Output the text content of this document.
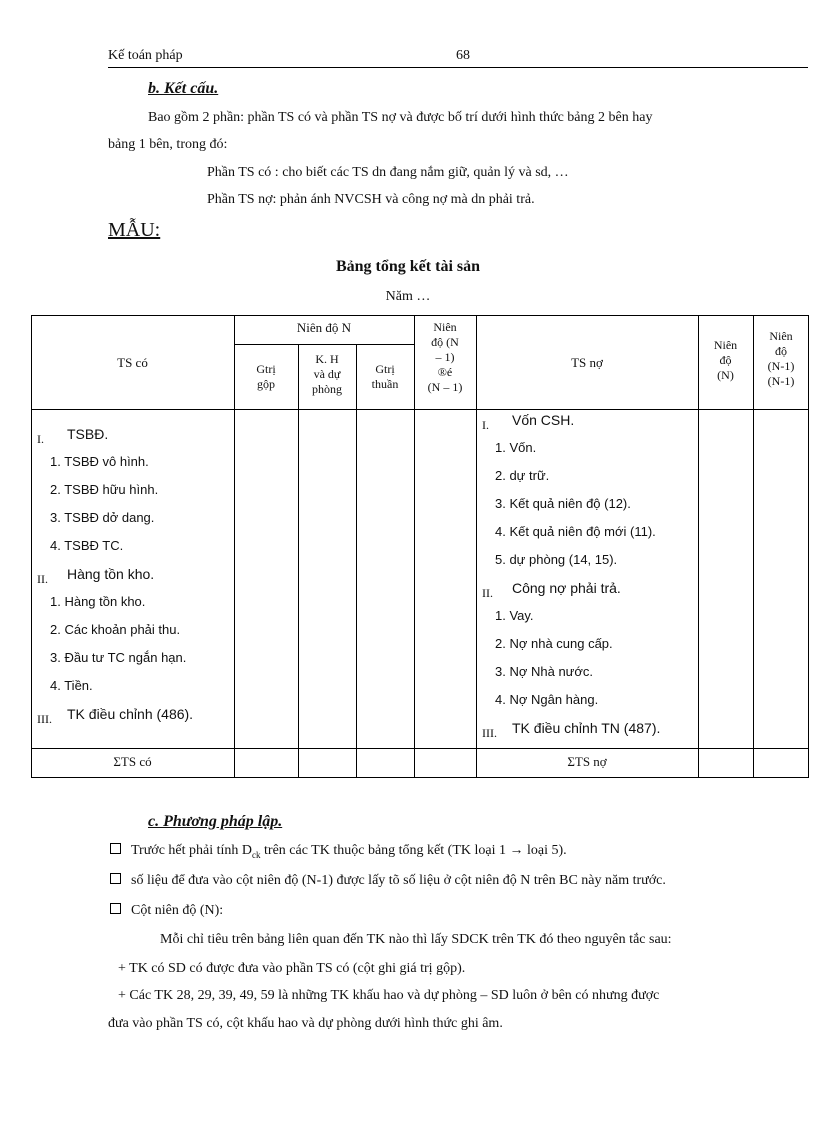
Kế toán pháp	68
b. Kết cấu.
Bao gồm 2 phần: phần TS có và phần TS nợ và được bố trí dưới hình thức bảng 2 bên hay
bảng 1 bên, trong đó:
Phần TS có : cho biết các TS dn đang nắm giữ, quản lý và sd, …
Phần TS nợ: phản ánh NVCSH và công nợ mà dn phải trả.
MẪU:
Bảng tổng kết tài sản
Năm …
TS có
Niên độ N
Gtrị
gộp
K. H
và dự
phòng
Gtrị
thuần
Niên
độ (N
– 1)
®é
(N – 1)
TS nợ
Niên
độ
(N)
Niên
độ
(N-1)
(N-1)
I. TSBĐ.
1. TSBĐ vô hình.
2. TSBĐ hữu hình.
3. TSBĐ dở dang.
4. TSBĐ TC.
II. Hàng tồn kho.
1. Hàng tồn kho.
2. Các khoản phải thu.
3. Đầu tư TC ngắn hạn.
4. Tiền.
III. TK điều chỉnh (486).
I. Vốn CSH.
1. Vốn.
2. dự trữ.
3. Kết quả niên độ (12).
4. Kết quả niên độ mới (11).
5. dự phòng (14, 15).
II. Công nợ phải trả.
1. Vay.
2. Nợ nhà cung cấp.
3. Nợ Nhà nước.
4. Nợ Ngân hàng.
III. TK điều chỉnh TN (487).
ΣTS có	ΣTS nợ
c. Phương pháp lập.
Trước hết phải tính $D_{ck}$ trên các TK thuộc bảng tổng kết (TK loại 1 → loại 5).
số liệu để đưa vào cột niên độ (N-1) được lấy tõ số liệu ở cột niên độ N trên BC này năm trước.
Cột niên độ (N):
Mỗi chỉ tiêu trên bảng liên quan đến TK nào thì lấy SDCK trên TK đó theo nguyên tắc sau:
+ TK có SD có được đưa vào phần TS có (cột ghi giá trị gộp).
+ Các TK 28, 29, 39, 49, 59 là những TK khấu hao và dự phòng – SD luôn ở bên có nhưng được
đưa vào phần TS có, cột khấu hao và dự phòng dưới hình thức ghi âm.
